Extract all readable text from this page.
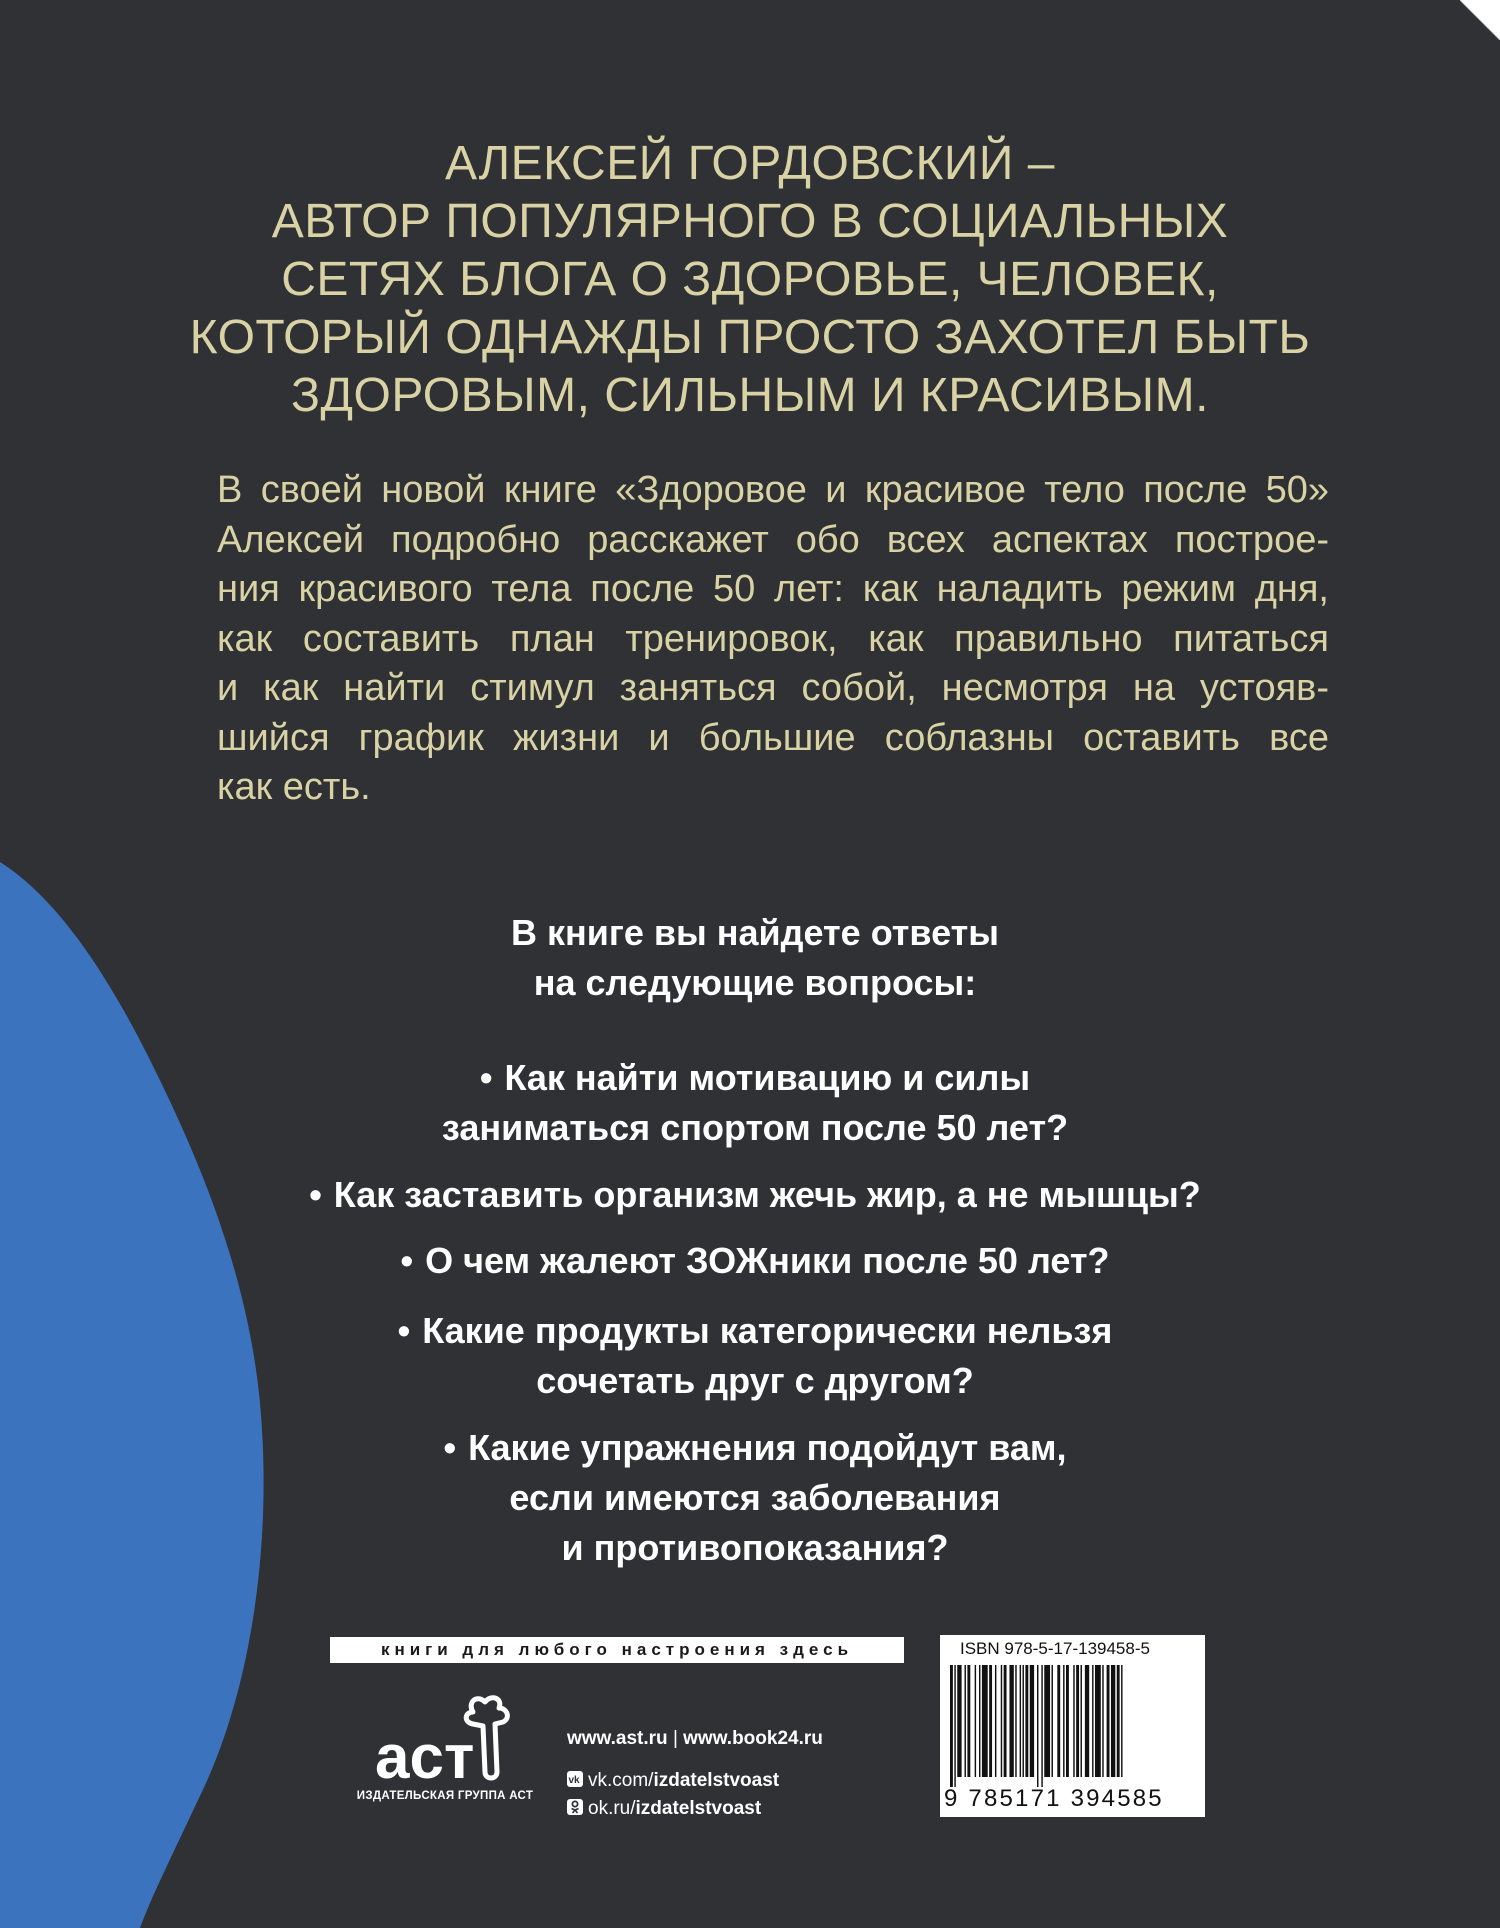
АЛЕКСЕЙ ГОРДОВСКИЙ –
АВТОР ПОПУЛЯРНОГО В СОЦИАЛЬНЫХ
СЕТЯХ БЛОГА О ЗДОРОВЬЕ, ЧЕЛОВЕК,
КОТОРЫЙ ОДНАЖДЫ ПРОСТО ЗАХОТЕЛ БЫТЬ
ЗДОРОВЫМ, СИЛЬНЫМ И КРАСИВЫМ.
В своей новой книге «Здоровое и красивое тело после 50»
Алексей подробно расскажет обо всех аспектах построе-
ния красивого тела после 50 лет: как наладить режим дня,
как составить план тренировок, как правильно питаться
и как найти стимул заняться собой, несмотря на устояв-
шийся график жизни и большие соблазны оставить все
как есть.
В книге вы найдете ответы
на следующие вопросы:
• Как найти мотивацию и силы
заниматься спортом после 50 лет?
• Как заставить организм жечь жир, а не мышцы?
• О чем жалеют ЗОЖники после 50 лет?
• Какие продукты категорически нельзя
сочетать друг с другом?
• Какие упражнения подойдут вам,
если имеются заболевания
и противопоказания?
книги для любого настроения здесь
аст
ИЗДАТЕЛЬСКАЯ ГРУППА АСТ
www.ast.ru | www.book24.ru
vk vk.com/izdatelstvoast
ok.ru/izdatelstvoast
ISBN 978-5-17-139458-5
9 785171 394585
